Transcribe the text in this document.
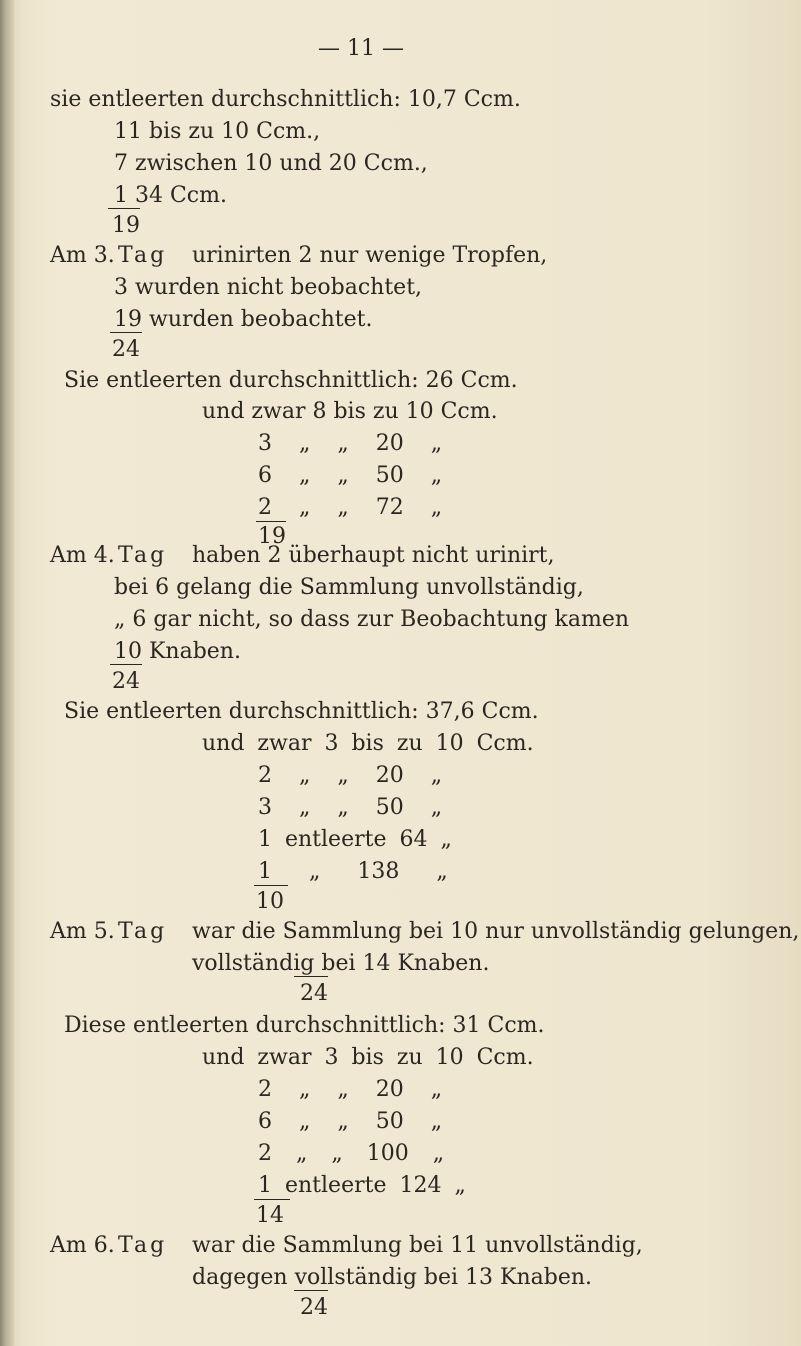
— 11 —
sie entleerten durchschnittlich: 10,7 Ccm.
11 bis zu 10 Ccm.,
7 zwischen 10 und 20 Ccm.,
1 34 Ccm.
19
Am 3. Tag urinirten 2 nur wenige Tropfen,
3 wurden nicht beobachtet,
19 wurden beobachtet.
24
Sie entleerten durchschnittlich: 26 Ccm.
und zwar 8 bis zu 10 Ccm.
3 „ „ 20 „
6 „ „ 50 „
2 „ „ 72 „
19
Am 4. Tag haben 2 überhaupt nicht urinirt,
bei 6 gelang die Sammlung unvollständig,
„ 6 gar nicht, so dass zur Beobachtung kamen
10 Knaben.
24
Sie entleerten durchschnittlich: 37,6 Ccm.
und zwar 3 bis zu 10 Ccm.
2 „ „ 20 „
3 „ „ 50 „
1 entleerte 64 „
1 „ 138 „
10
Am 5. Tag war die Sammlung bei 10 nur unvollständig gelungen,
vollständig bei 14 Knaben.
24
Diese entleerten durchschnittlich: 31 Ccm.
und zwar 3 bis zu 10 Ccm.
2 „ „ 20 „
6 „ „ 50 „
2 „ „ 100 „
1 entleerte 124 „
14
Am 6. Tag war die Sammlung bei 11 unvollständig,
dagegen vollständig bei 13 Knaben.
24
